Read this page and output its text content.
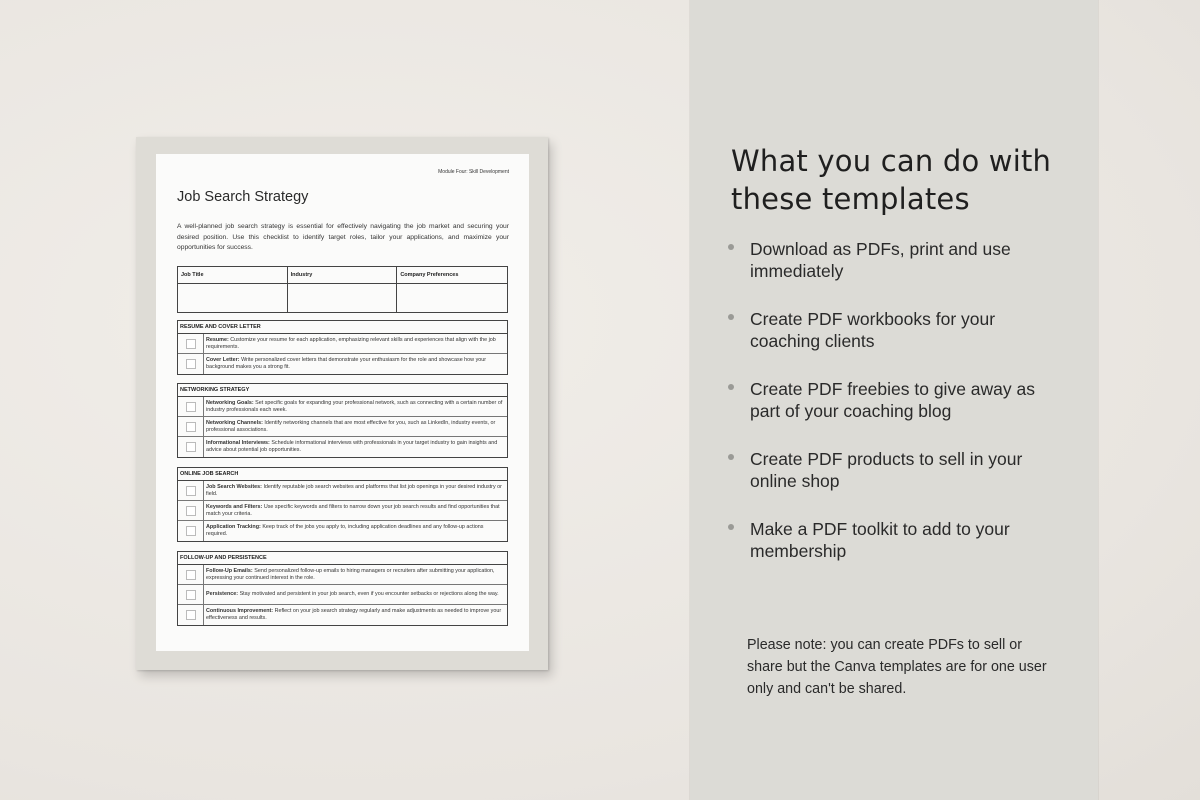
Module Four: Skill Development
Job Search Strategy
A well-planned job search strategy is essential for effectively navigating the job market and securing your desired position. Use this checklist to identify target roles, tailor your applications, and maximize your opportunities for success.
Job Title	Industry	Company Preferences
RESUME AND COVER LETTER
Resume: Customize your resume for each application, emphasizing relevant skills and experiences that align with the job requirements.
Cover Letter: Write personalized cover letters that demonstrate your enthusiasm for the role and showcase how your background makes you a strong fit.
NETWORKING STRATEGY
Networking Goals: Set specific goals for expanding your professional network, such as connecting with a certain number of industry professionals each week.
Networking Channels: Identify networking channels that are most effective for you, such as LinkedIn, industry events, or professional associations.
Informational Interviews: Schedule informational interviews with professionals in your target industry to gain insights and advice about potential job opportunities.
ONLINE JOB SEARCH
Job Search Websites: Identify reputable job search websites and platforms that list job openings in your desired industry or field.
Keywords and Filters: Use specific keywords and filters to narrow down your job search results and find opportunities that match your criteria.
Application Tracking: Keep track of the jobs you apply to, including application deadlines and any follow-up actions required.
FOLLOW-UP AND PERSISTENCE
Follow-Up Emails: Send personalized follow-up emails to hiring managers or recruiters after submitting your application, expressing your continued interest in the role.
Persistence: Stay motivated and persistent in your job search, even if you encounter setbacks or rejections along the way.
Continuous Improvement: Reflect on your job search strategy regularly and make adjustments as needed to improve your effectiveness and results.
What you can do with these templates
Download as PDFs, print and use immediately
Create PDF workbooks for your coaching clients
Create PDF freebies to give away as part of your coaching blog
Create PDF products to sell in your online shop
Make a PDF toolkit to add to your membership
Please note: you can create PDFs to sell or share but the Canva templates are for one user only and can't be shared.
